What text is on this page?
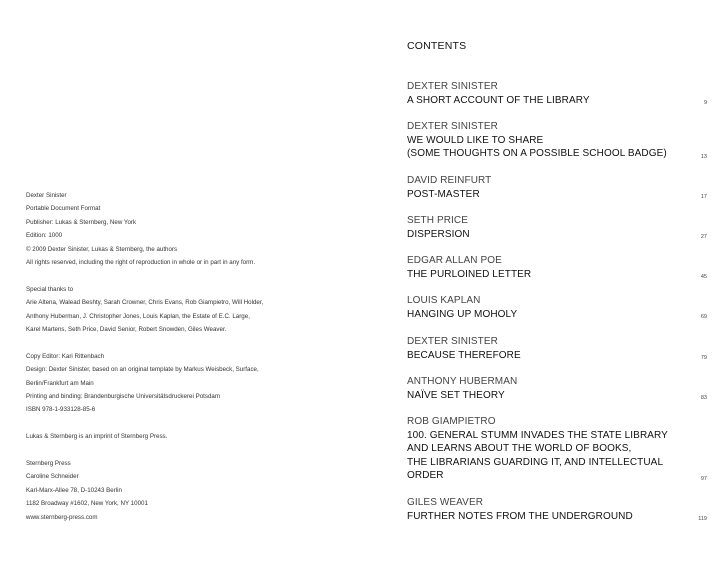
Dexter Sinister
Portable Document Format
Publisher: Lukas & Sternberg, New York
Edition: 1000
© 2009 Dexter Sinister, Lukas & Sternberg, the authors
All rights reserved, including the right of reproduction in whole or in part in any form.
Special thanks to
Arie Altena, Walead Beshty, Sarah Crowner, Chris Evans, Rob Giampietro, Will Holder,
Anthony Huberman, J. Christopher Jones, Louis Kaplan, the Estate of E.C. Large,
Karel Martens, Seth Price, David Senior, Robert Snowden, Giles Weaver.
Copy Editor: Kari Rittenbach
Design: Dexter Sinister, based on an original template by Markus Weisbeck, Surface,
Berlin/Frankfurt am Main
Printing and binding: Brandenburgische Universitätsdruckerei Potsdam
ISBN 978-1-933128-85-6
Lukas & Sternberg is an imprint of Sternberg Press.
Sternberg Press
Caroline Schneider
Karl-Marx-Allee 78, D-10243 Berlin
1182 Broadway #1602, New York, NY 10001
www.sternberg-press.com
CONTENTS
DEXTER SINISTER
A SHORT ACCOUNT OF THE LIBRARY	9
DEXTER SINISTER
WE WOULD LIKE TO SHARE
(SOME THOUGHTS ON A POSSIBLE SCHOOL BADGE)	13
DAVID REINFURT
POST-MASTER	17
SETH PRICE
DISPERSION	27
EDGAR ALLAN POE
THE PURLOINED LETTER	45
LOUIS KAPLAN
HANGING UP MOHOLY	69
DEXTER SINISTER
BECAUSE THEREFORE	79
ANTHONY HUBERMAN
NAÏVE SET THEORY	83
ROB GIAMPIETRO
100. GENERAL STUMM INVADES THE STATE LIBRARY
AND LEARNS ABOUT THE WORLD OF BOOKS,
THE LIBRARIANS GUARDING IT, AND INTELLECTUAL
ORDER	97
GILES WEAVER
FURTHER NOTES FROM THE UNDERGROUND	119
